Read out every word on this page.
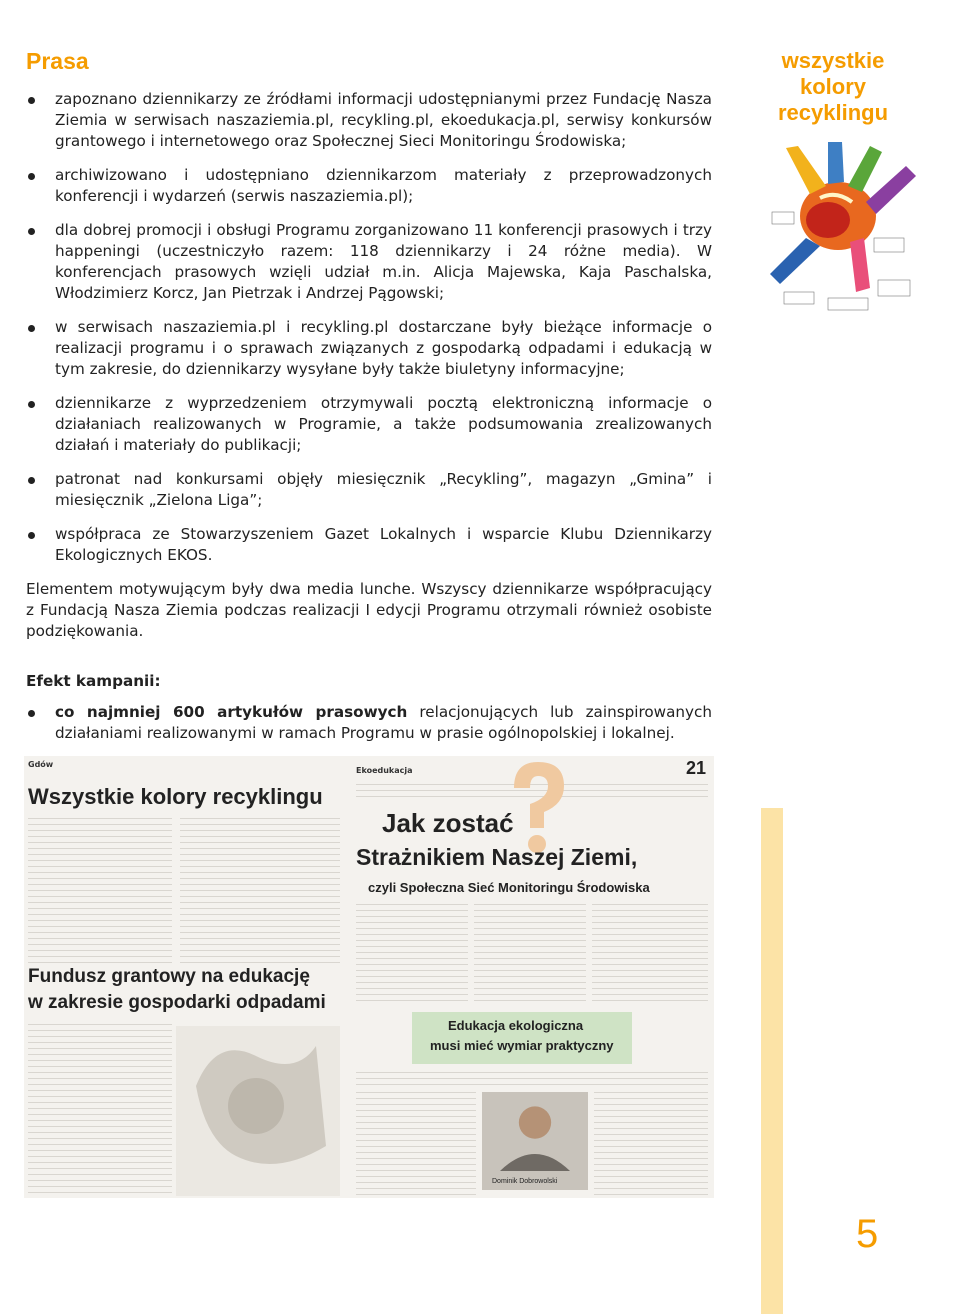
Prasa
zapoznano dziennikarzy ze źródłami informacji udostępnianymi przez Fundację Nasza Ziemia w serwisach naszaziemia.pl, recykling.pl, ekoedukacja.pl, serwisy konkursów grantowego i internetowego oraz Społecznej Sieci Monitoringu Środowiska;
archiwizowano i udostępniano dziennikarzom materiały z przeprowadzonych konferencji i wydarzeń (serwis naszaziemia.pl);
dla dobrej promocji i obsługi Programu zorganizowano 11 konferencji prasowych i trzy happeningi (uczestniczyło razem: 118 dziennikarzy i 24 różne media). W konferencjach prasowych wzięli udział m.in. Alicja Majewska, Kaja Paschalska, Włodzimierz Korcz, Jan Pietrzak i Andrzej Pągowski;
w serwisach naszaziemia.pl i recykling.pl dostarczane były bieżące informacje o realizacji programu i o sprawach związanych z gospodarką odpadami i edukacją w tym zakresie, do dziennikarzy wysyłane były także biuletyny informacyjne;
dziennikarze z wyprzedzeniem otrzymywali pocztą elektroniczną informacje o działaniach realizowanych w Programie, a także podsumowania zrealizowanych działań i materiały do publikacji;
patronat nad konkursami objęły miesięcznik „Recykling”, magazyn „Gmina” i miesięcznik „Zielona Liga”;
współpraca ze Stowarzyszeniem Gazet Lokalnych i wsparcie Klubu Dziennikarzy Ekologicznych EKOS.

Elementem motywującym były dwa media lunche. Wszyscy dziennikarze współpracujący z Fundacją Nasza Ziemia podczas realizacji I edycji Programu otrzymali również osobiste podziękowania.

Efekt kampanii:
co najmniej 600 artykułów prasowych relacjonujących lub zainspirowanych działaniami realizowanymi w ramach Programu w prasie ogólnopolskiej i lokalnej.
wszystkie kolory recyklingu
Gdów
Wszystkie kolory recyklingu
Fundusz grantowy na edukację
w zakresie gospodarki odpadami
Ekoedukacja	21
Jak zostać
Strażnikiem Naszej Ziemi,
czyli Społeczna Sieć Monitoringu Środowiska
Edukacja ekologiczna
musi mieć wymiar praktyczny
Dominik Dobrowolski
5
